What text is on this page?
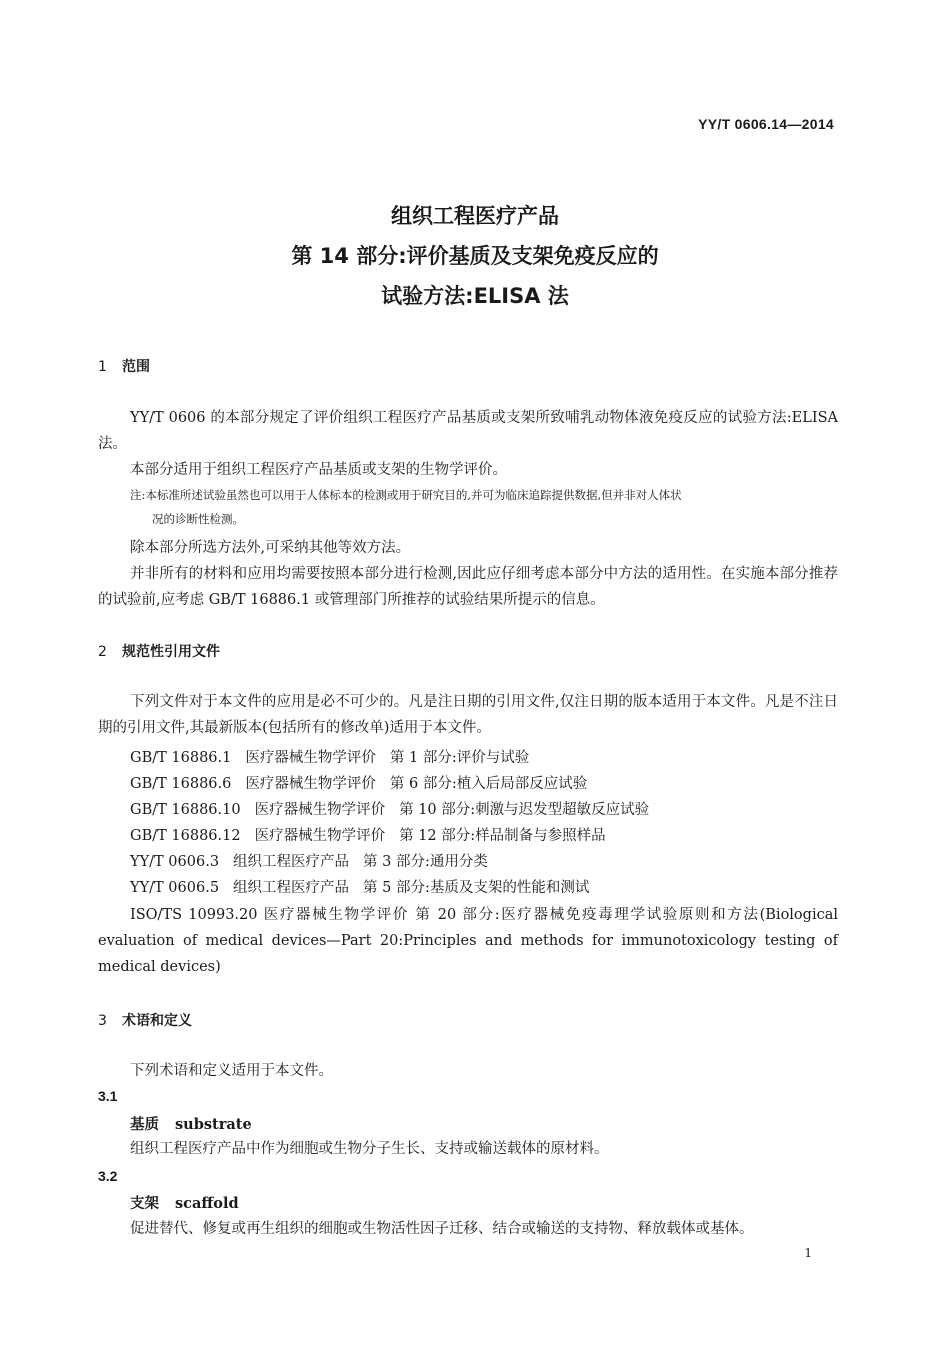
YY/T 0606.14—2014
组织工程医疗产品
第 14 部分:评价基质及支架免疫反应的
试验方法:ELISA 法
1 范围
YY/T 0606 的本部分规定了评价组织工程医疗产品基质或支架所致哺乳动物体液免疫反应的试验方法:ELISA 法。
本部分适用于组织工程医疗产品基质或支架的生物学评价。
注:本标准所述试验虽然也可以用于人体标本的检测或用于研究目的,并可为临床追踪提供数据,但并非对人体状
况的诊断性检测。
除本部分所选方法外,可采纳其他等效方法。
并非所有的材料和应用均需要按照本部分进行检测,因此应仔细考虑本部分中方法的适用性。在实施本部分推荐的试验前,应考虑 GB/T 16886.1 或管理部门所推荐的试验结果所提示的信息。
2 规范性引用文件
下列文件对于本文件的应用是必不可少的。凡是注日期的引用文件,仅注日期的版本适用于本文件。凡是不注日期的引用文件,其最新版本(包括所有的修改单)适用于本文件。
GB/T 16886.1 医疗器械生物学评价 第 1 部分:评价与试验
GB/T 16886.6 医疗器械生物学评价 第 6 部分:植入后局部反应试验
GB/T 16886.10 医疗器械生物学评价 第 10 部分:刺激与迟发型超敏反应试验
GB/T 16886.12 医疗器械生物学评价 第 12 部分:样品制备与参照样品
YY/T 0606.3 组织工程医疗产品 第 3 部分:通用分类
YY/T 0606.5 组织工程医疗产品 第 5 部分:基质及支架的性能和测试
ISO/TS 10993.20 医疗器械生物学评价 第 20 部分:医疗器械免疫毒理学试验原则和方法(Biological evaluation of medical devices—Part 20:Principles and methods for immunotoxicology testing of medical devices)
3 术语和定义
下列术语和定义适用于本文件。
3.1
基质 substrate
组织工程医疗产品中作为细胞或生物分子生长、支持或输送载体的原材料。
3.2
支架 scaffold
促进替代、修复或再生组织的细胞或生物活性因子迁移、结合或输送的支持物、释放载体或基体。
1
